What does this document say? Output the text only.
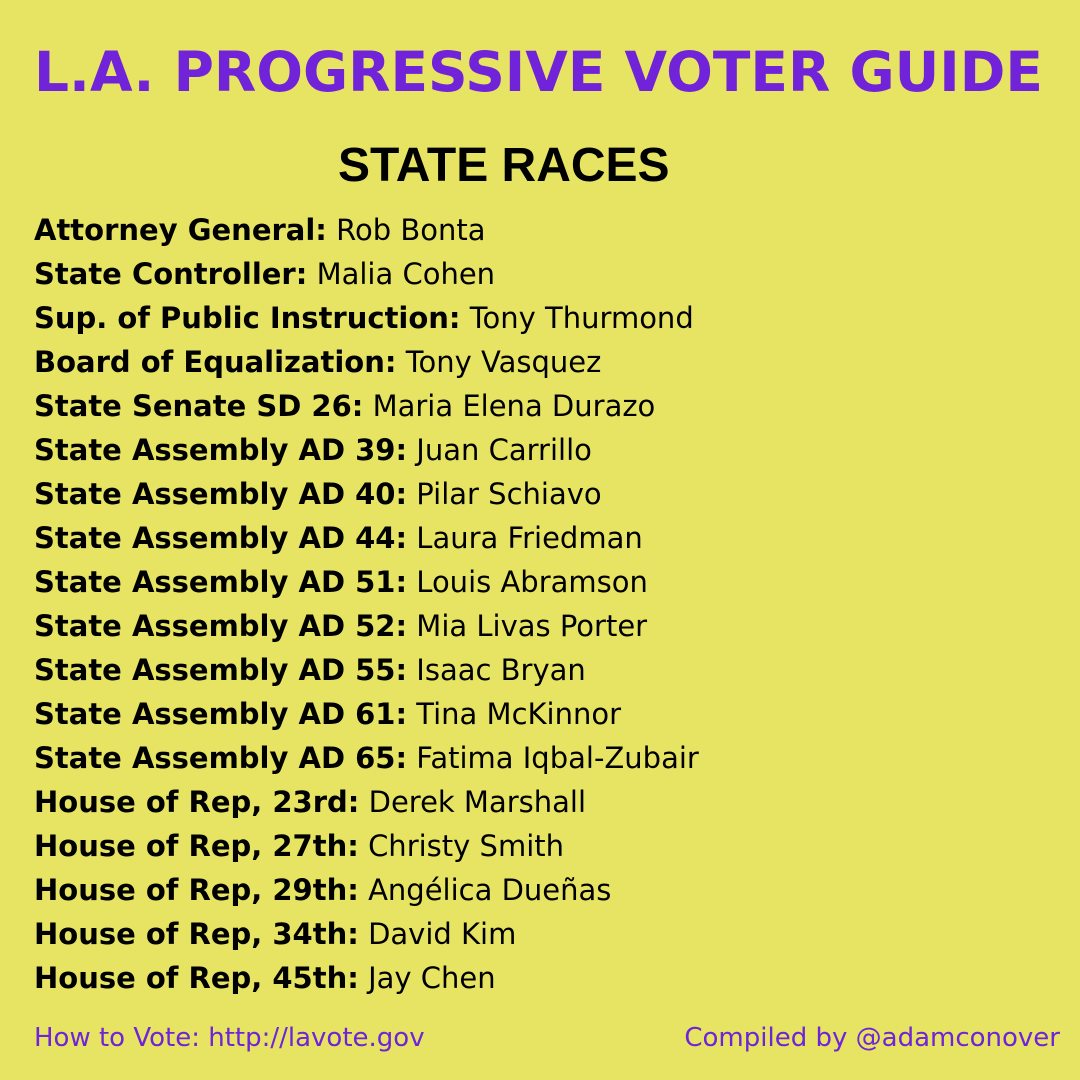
L.A. PROGRESSIVE VOTER GUIDE
STATE RACES
Attorney General: Rob Bonta
State Controller: Malia Cohen
Sup. of Public Instruction: Tony Thurmond
Board of Equalization: Tony Vasquez
State Senate SD 26: Maria Elena Durazo
State Assembly AD 39: Juan Carrillo
State Assembly AD 40: Pilar Schiavo
State Assembly AD 44: Laura Friedman
State Assembly AD 51: Louis Abramson
State Assembly AD 52: Mia Livas Porter
State Assembly AD 55: Isaac Bryan
State Assembly AD 61: Tina McKinnor
State Assembly AD 65: Fatima Iqbal-Zubair
House of Rep, 23rd: Derek Marshall
House of Rep, 27th: Christy Smith
House of Rep, 29th: Angélica Dueñas
House of Rep, 34th: David Kim
House of Rep, 45th: Jay Chen
How to Vote: http://lavote.gov	Compiled by @adamconover
